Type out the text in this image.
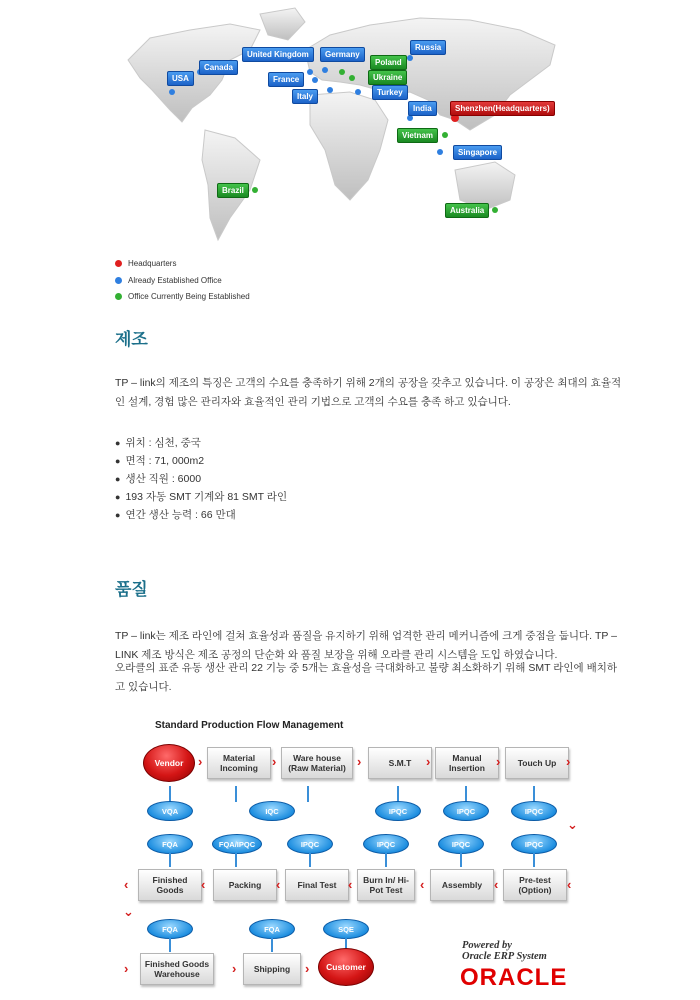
USA
Canada
United Kingdom	Germany
Russia
Poland
France	Ukraine
Italy	Turkey
India	Shenzhen(Headquarters)
Vietnam
Singapore
Brazil
Australia
Headquarters
Already Established Office
Office Currently Being Established
제조

TP – link의 제조의 특징은 고객의 수요를 충족하기 위해 2개의 공장을 갖추고 있습니다. 이 공장은 최대의 효율적인 설계, 경험 많은 관리자와 효율적인 관리 기법으로 고객의 수요를 충족 하고 있습니다.

● 위치 : 심천, 중국
● 면적 : 71, 000m2
● 생산 직원 : 6000
● 193 자동 SMT 기계와 81 SMT 라인
● 연간 생산 능력 : 66 만대
품질

TP – link는 제조 라인에 걸쳐 효율성과 품질을 유지하기 위해 엄격한 관리 메커니즘에 크게 중점을 둡니다. TP –LINK 제조 방식은 제조 공정의 단순화 와 품질 보장을 위해 오라클 관리 시스템을 도입 하였습니다.

오라클의 표준 유동 생산 관리 22 기능 중 5개는 효율성을 극대화하고 불량 최소화하기 위해 SMT 라인에 배치하고 있습니다.

Standard Production Flow Management
Vendor	›	Material Incoming	›	Ware house (Raw Material) ›	S.M.T	›	Manual Insertion ›	Touch Up ›
VQA	IQC	IPQC	IPQC	IPQC
⌄
FQA	FQA/IPQC	IPQC	IPQC	IPQC	IPQC
‹	Finished Goods	‹	Packing	‹	Final Test ‹	Burn In/ Hi-Pot Test	‹	Assembly ‹	Pre-test (Option)	‹
⌄
FQA	FQA	SQE
›	Finished Goods Warehouse	›	Shipping	›	Customer
Powered by
Oracle ERP System
ORACLE
